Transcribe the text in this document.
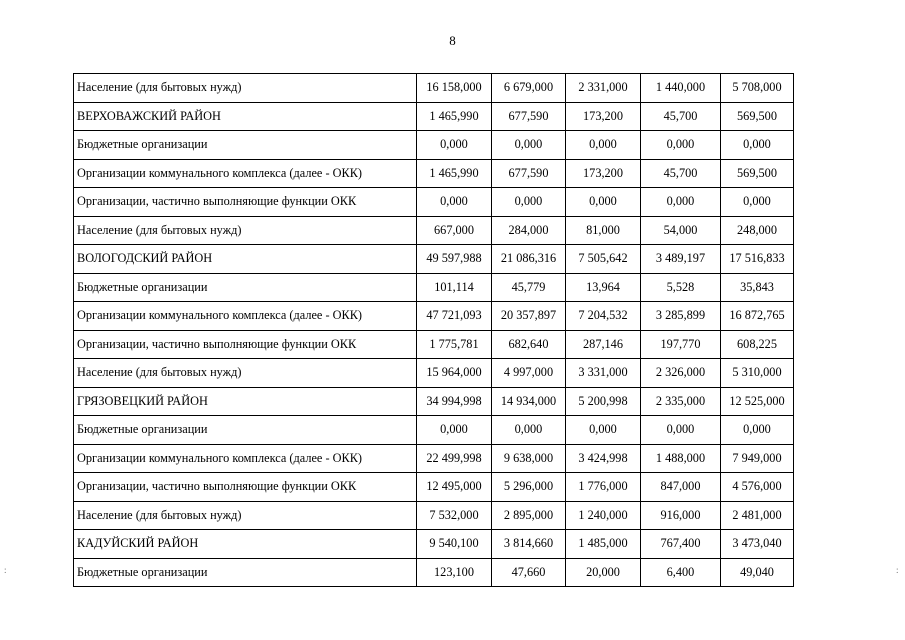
8
Население (для бытовых нужд)	16 158,000	6 679,000	2 331,000	1 440,000	5 708,000
ВЕРХОВАЖСКИЙ РАЙОН	1 465,990	677,590	173,200	45,700	569,500
Бюджетные организации	0,000	0,000	0,000	0,000	0,000
Организации коммунального комплекса (далее - ОКК)	1 465,990	677,590	173,200	45,700	569,500
Организации, частично выполняющие функции ОКК	0,000	0,000	0,000	0,000	0,000
Население (для бытовых нужд)	667,000	284,000	81,000	54,000	248,000
ВОЛОГОДСКИЙ РАЙОН	49 597,988	21 086,316	7 505,642	3 489,197	17 516,833
Бюджетные организации	101,114	45,779	13,964	5,528	35,843
Организации коммунального комплекса (далее - ОКК)	47 721,093	20 357,897	7 204,532	3 285,899	16 872,765
Организации, частично выполняющие функции ОКК	1 775,781	682,640	287,146	197,770	608,225
Население (для бытовых нужд)	15 964,000	4 997,000	3 331,000	2 326,000	5 310,000
ГРЯЗОВЕЦКИЙ РАЙОН	34 994,998	14 934,000	5 200,998	2 335,000	12 525,000
Бюджетные организации	0,000	0,000	0,000	0,000	0,000
Организации коммунального комплекса (далее - ОКК)	22 499,998	9 638,000	3 424,998	1 488,000	7 949,000
Организации, частично выполняющие функции ОКК	12 495,000	5 296,000	1 776,000	847,000	4 576,000
Население (для бытовых нужд)	7 532,000	2 895,000	1 240,000	916,000	2 481,000
КАДУЙСКИЙ РАЙОН	9 540,100	3 814,660	1 485,000	767,400	3 473,040
Бюджетные организации	123,100	47,660	20,000	6,400	49,040
:	:
